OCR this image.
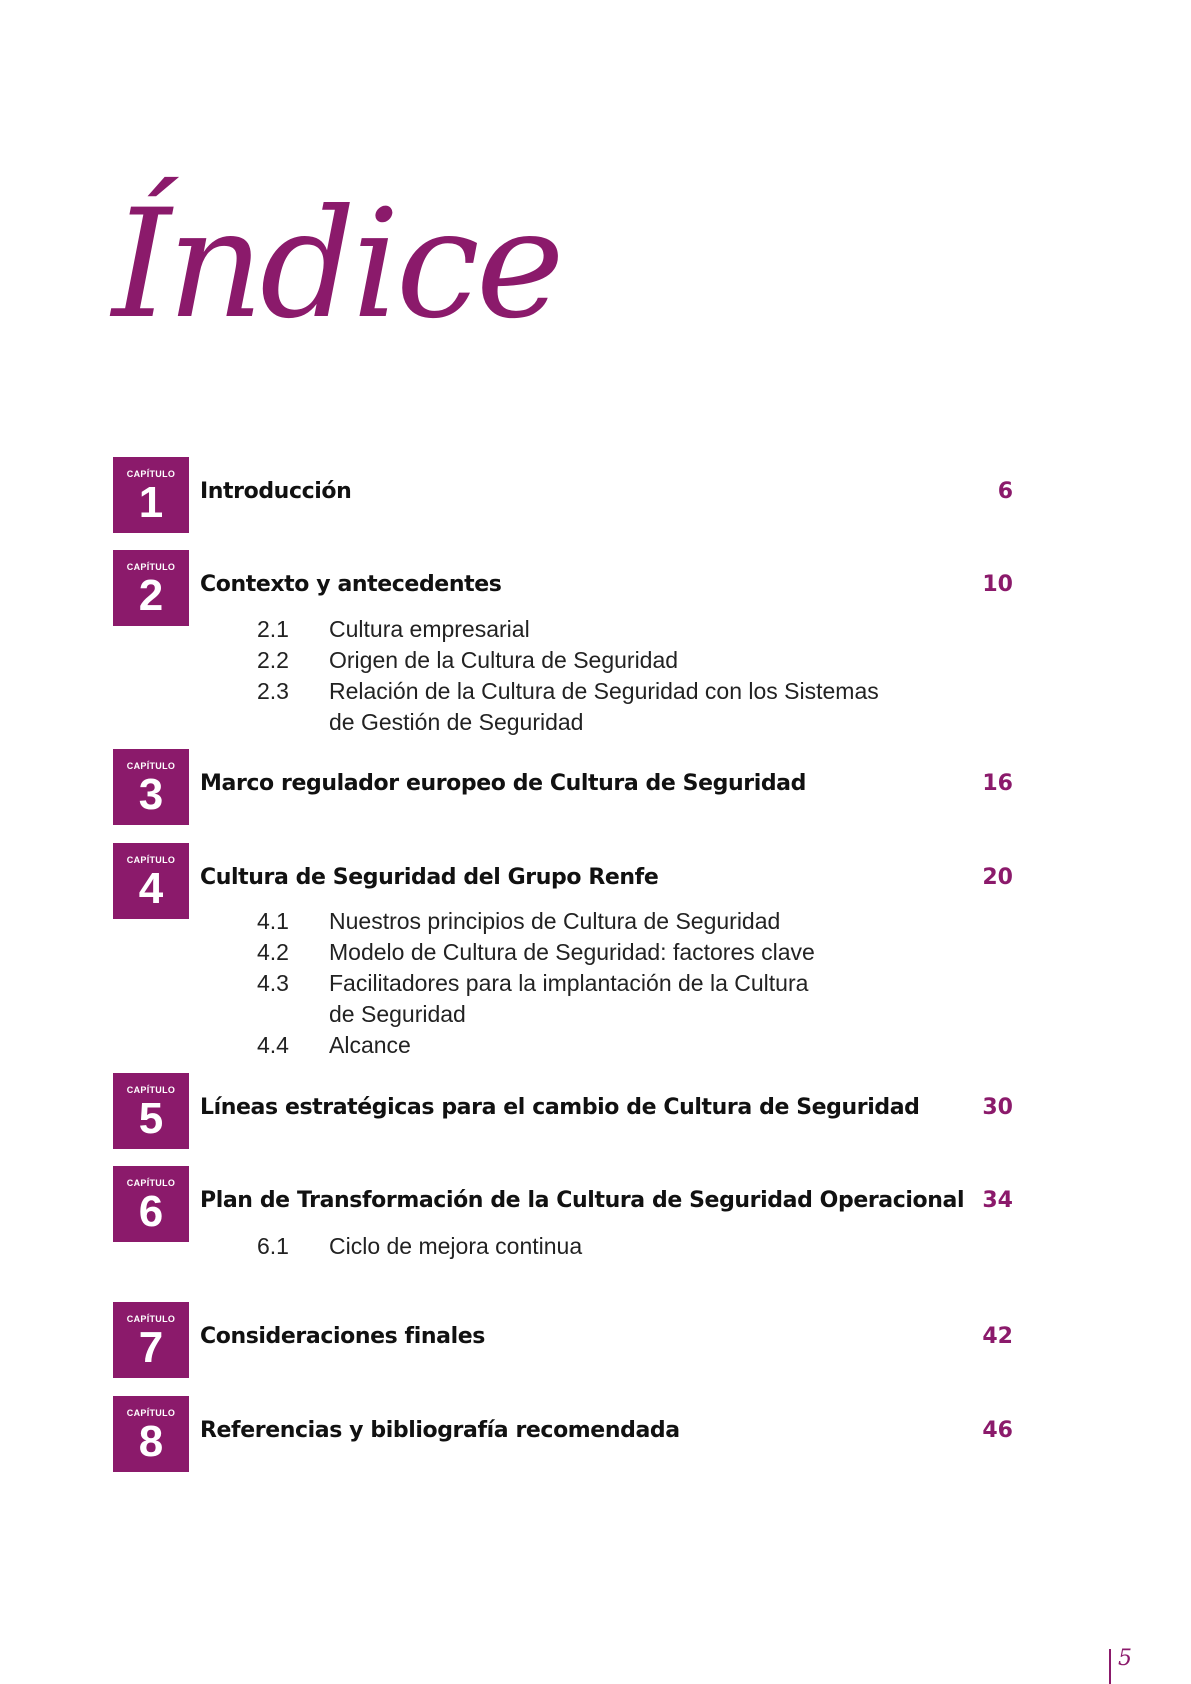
Índice
CAPÍTULO
1	Introducción	6
CAPÍTULO
2	Contexto y antecedentes	10
2.1 Cultura empresarial
2.2 Origen de la Cultura de Seguridad
2.3 Relación de la Cultura de Seguridad con los Sistemas
de Gestión de Seguridad
CAPÍTULO
3	Marco regulador europeo de Cultura de Seguridad	16
CAPÍTULO
4	Cultura de Seguridad del Grupo Renfe	20
4.1 Nuestros principios de Cultura de Seguridad
4.2 Modelo de Cultura de Seguridad: factores clave
4.3 Facilitadores para la implantación de la Cultura
de Seguridad
4.4 Alcance
CAPÍTULO
5	Líneas estratégicas para el cambio de Cultura de Seguridad	30
CAPÍTULO
6	Plan de Transformación de la Cultura de Seguridad Operacional 34
6.1 Ciclo de mejora continua
CAPÍTULO
7	Consideraciones finales	42
CAPÍTULO
8	Referencias y bibliografía recomendada	46
5
